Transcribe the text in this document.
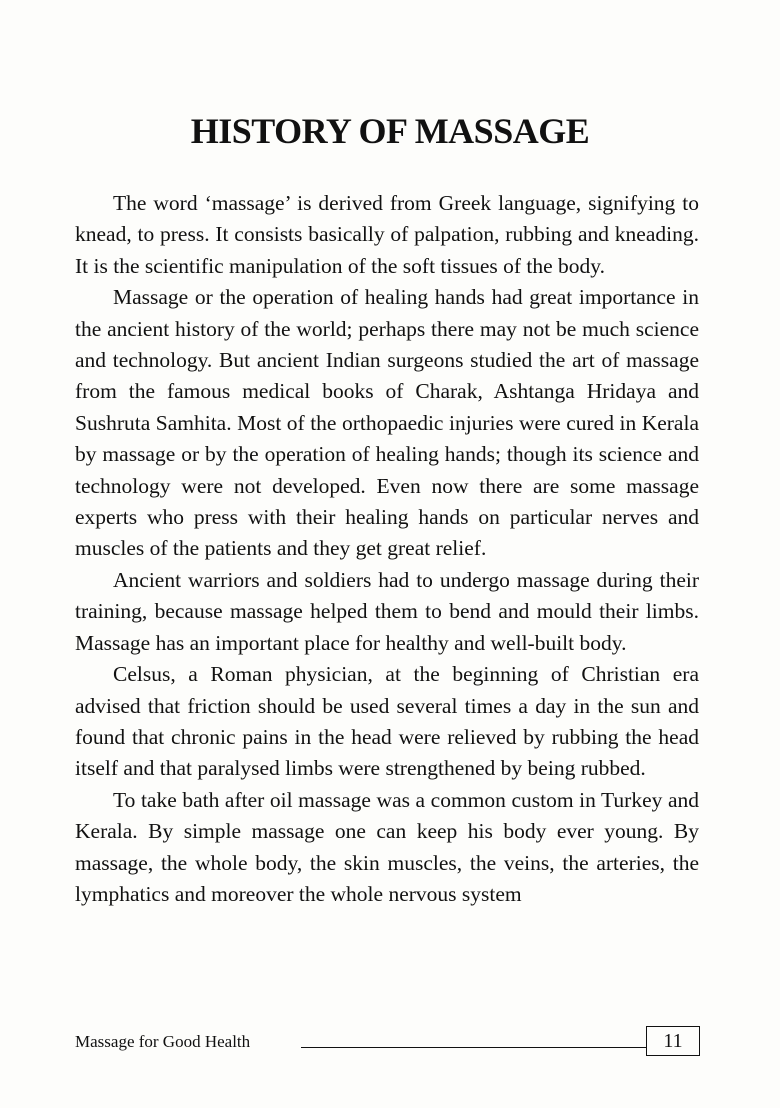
HISTORY OF MASSAGE

The word ‘massage’ is derived from Greek language, signifying to knead, to press. It consists basically of palpation, rubbing and kneading. It is the scientific manipulation of the soft tissues of the body.

Massage or the operation of healing hands had great importance in the ancient history of the world; perhaps there may not be much science and technology. But ancient Indian surgeons studied the art of massage from the famous medical books of Charak, Ashtanga Hridaya and Sushruta Samhita. Most of the orthopaedic injuries were cured in Kerala by massage or by the operation of healing hands; though its science and technology were not developed. Even now there are some massage experts who press with their healing hands on particular nerves and muscles of the patients and they get great relief.

Ancient warriors and soldiers had to undergo massage during their training, because massage helped them to bend and mould their limbs. Massage has an important place for healthy and well-built body.

Celsus, a Roman physician, at the beginning of Christian era advised that friction should be used several times a day in the sun and found that chronic pains in the head were relieved by rubbing the head itself and that paralysed limbs were strengthened by being rubbed.

To take bath after oil massage was a common custom in Turkey and Kerala. By simple massage one can keep his body ever young. By massage, the whole body, the skin muscles, the veins, the arteries, the lymphatics and moreover the whole nervous system

Massage for Good Health	11
